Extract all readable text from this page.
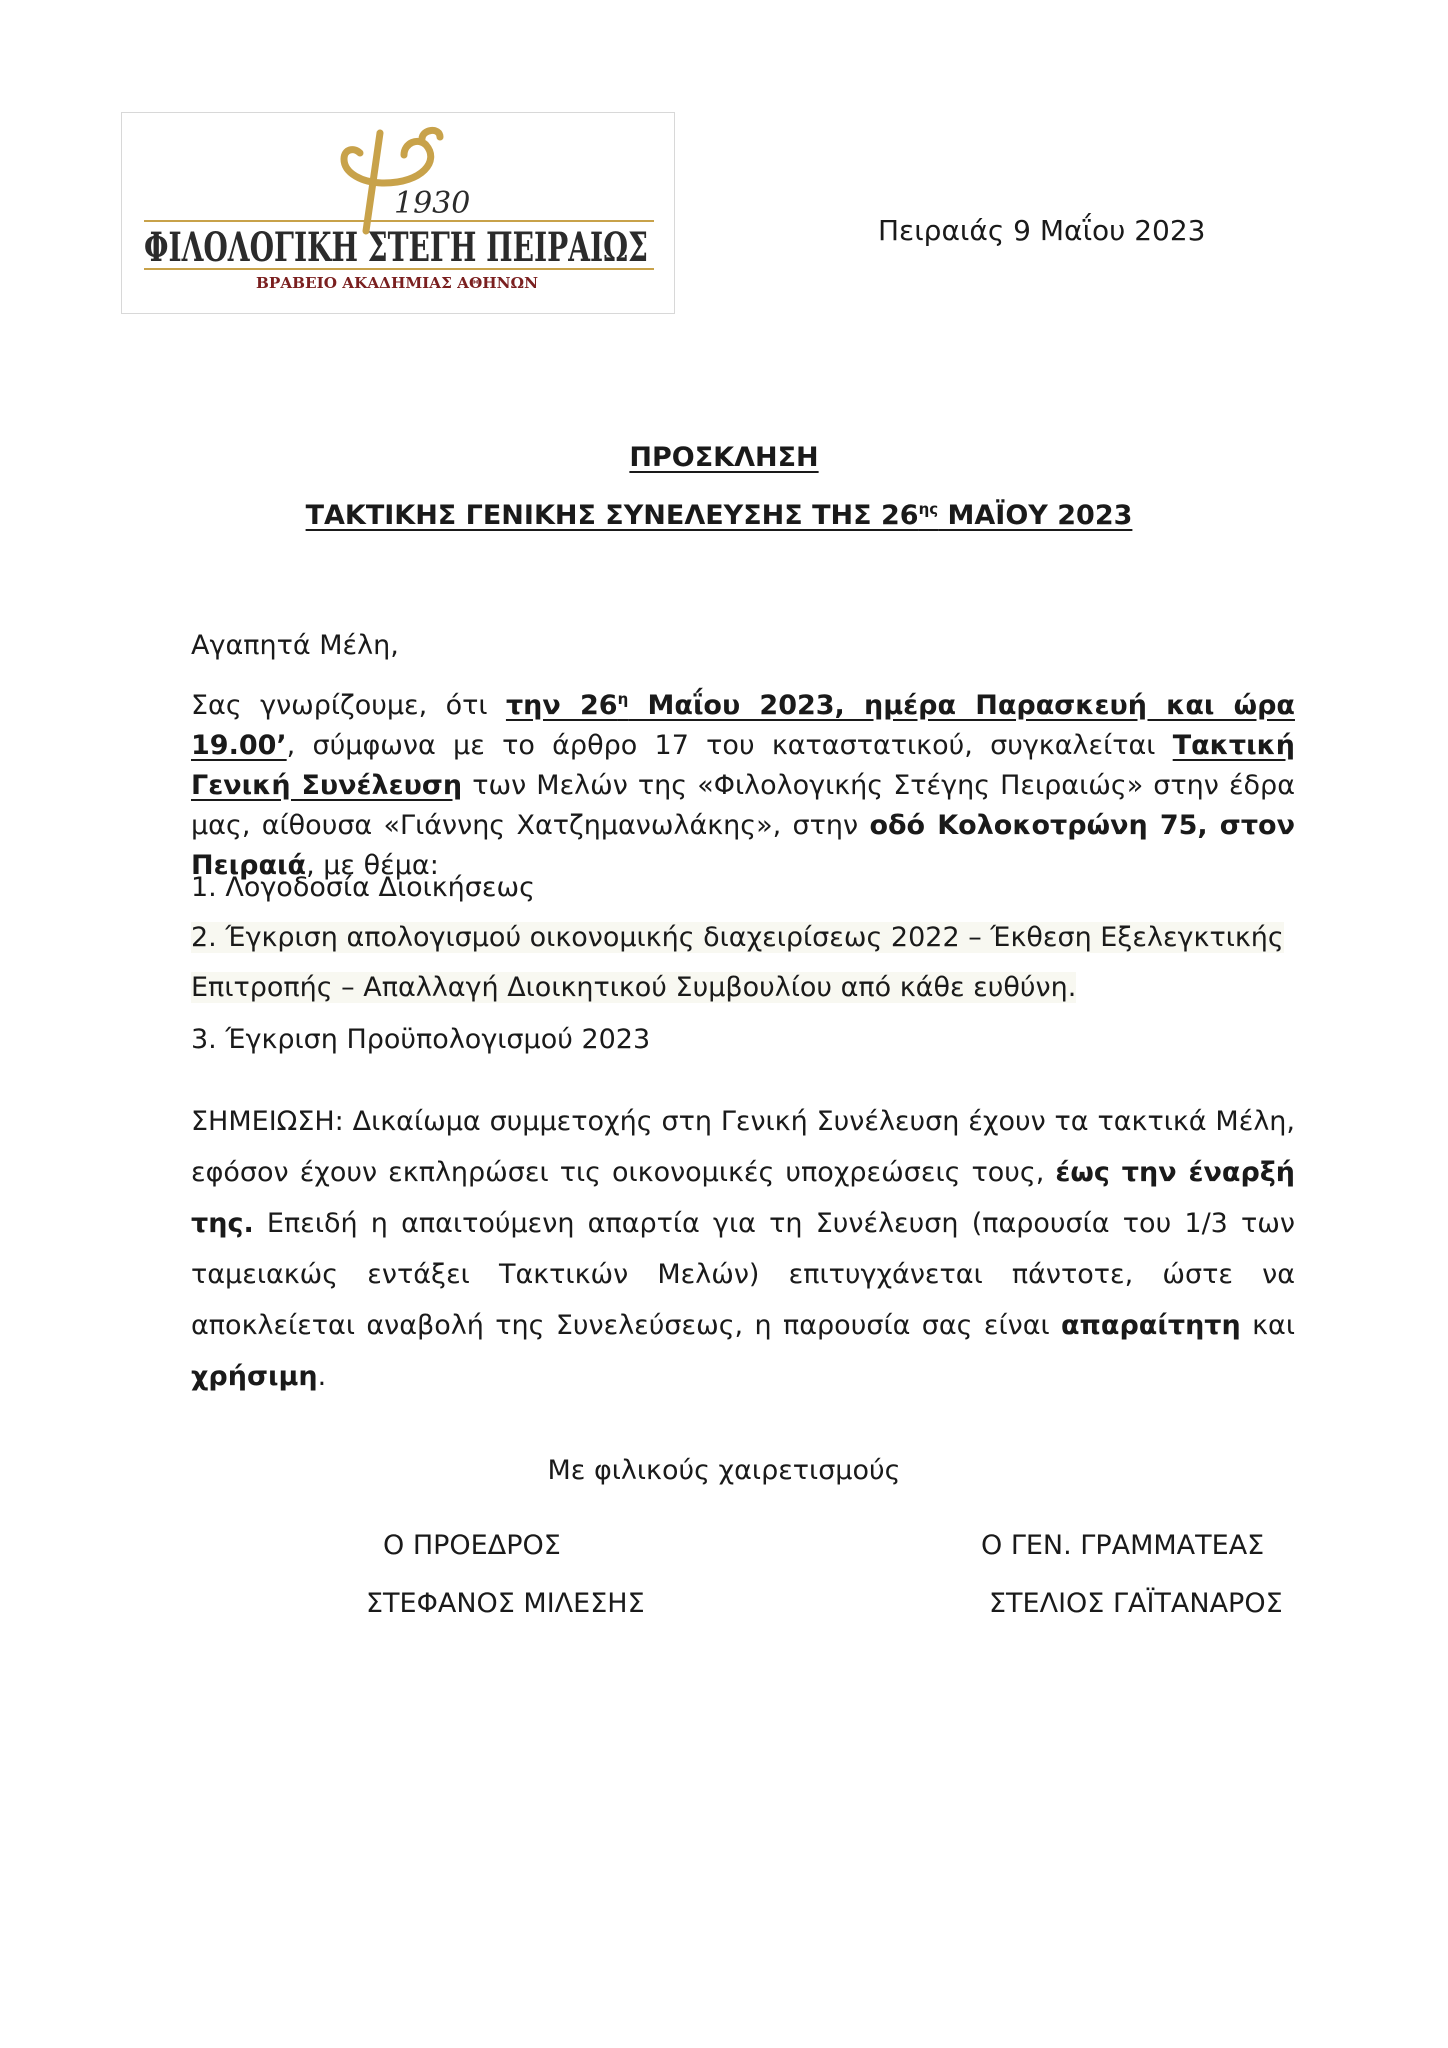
1930
ΦΙΛΟΛΟΓΙΚΗ ΣΤΕΓΗ ΠΕΙΡΑΙΩΣ
ΒΡΑΒΕΙΟ ΑΚΑΔΗΜΙΑΣ ΑΘΗΝΩΝ
Πειραιάς 9 Μαΐου 2023
ΠΡΟΣΚΛΗΣΗ
ΤΑΚΤΙΚΗΣ ΓΕΝΙΚΗΣ ΣΥΝΕΛΕΥΣΗΣ ΤΗΣ $26^{\eta\varsigma}$ ΜΑΪΟΥ 2023
Αγαπητά Μέλη,
Σας γνωρίζουμε, ότι την $26^\eta$ Μαΐου 2023, ημέρα Παρασκευή και ώρα 19.00’, σύμφωνα με το άρθρο 17 του καταστατικού, συγκαλείται Τακτική Γενική Συνέλευση των Μελών της «Φιλολογικής Στέγης Πειραιώς» στην έδρα μας, αίθουσα «Γιάννης Χατζημανωλάκης», στην οδό Κολοκοτρώνη 75, στον Πειραιά, με θέμα:
1. Λογοδοσία Διοικήσεως
2. Έγκριση απολογισμού οικονομικής διαχειρίσεως 2022 – Έκθεση Εξελεγκτικής
Επιτροπής – Απαλλαγή Διοικητικού Συμβουλίου από κάθε ευθύνη.
3. Έγκριση Προϋπολογισμού 2023
ΣΗΜΕΙΩΣΗ: Δικαίωμα συμμετοχής στη Γενική Συνέλευση έχουν τα τακτικά Μέλη, εφόσον έχουν εκπληρώσει τις οικονομικές υποχρεώσεις τους, έως την έναρξή της. Επειδή η απαιτούμενη απαρτία για τη Συνέλευση (παρουσία του 1/3 των ταμειακώς εντάξει Τακτικών Μελών) επιτυγχάνεται πάντοτε, ώστε να αποκλείεται αναβολή της Συνελεύσεως, η παρουσία σας είναι απαραίτητη και χρήσιμη.
Με φιλικούς χαιρετισμούς
Ο ΠΡΟΕΔΡΟΣ
ΣΤΕΦΑΝΟΣ ΜΙΛΕΣΗΣ
Ο ΓΕΝ. ΓΡΑΜΜΑΤΕΑΣ
ΣΤΕΛΙΟΣ ΓΑΪΤΑΝΑΡΟΣ
